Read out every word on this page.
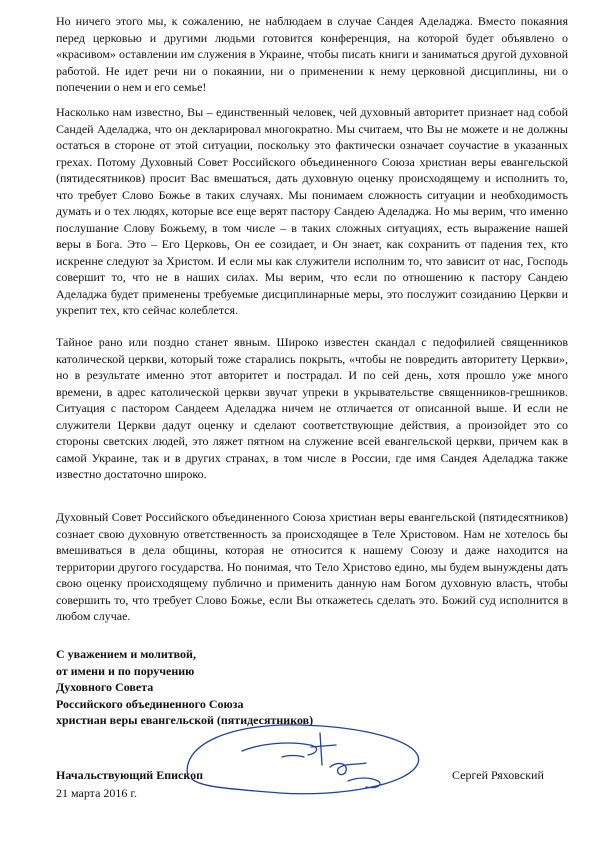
Но ничего этого мы, к сожалению, не наблюдаем в случае Сандея Аделаджа. Вместо покаяния перед церковью и другими людьми готовится конференция, на которой будет объявлено о «красивом» оставлении им служения в Украине, чтобы писать книги и заниматься другой духовной работой. Не идет речи ни о покаянии, ни о применении к нему церковной дисциплины, ни о попечении о нем и его семье!

Насколько нам известно, Вы – единственный человек, чей духовный авторитет признает над собой Сандей Аделаджа, что он декларировал многократно. Мы считаем, что Вы не можете и не должны остаться в стороне от этой ситуации, поскольку это фактически означает соучастие в указанных грехах. Потому Духовный Совет Российского объединенного Союза христиан веры евангельской (пятидесятников) просит Вас вмешаться, дать духовную оценку происходящему и исполнить то, что требует Слово Божье в таких случаях. Мы понимаем сложность ситуации и необходимость думать и о тех людях, которые все еще верят пастору Сандею Аделаджа. Но мы верим, что именно послушание Слову Божьему, в том числе – в таких сложных ситуациях, есть выражение нашей веры в Бога. Это – Его Церковь, Он ее созидает, и Он знает, как сохранить от падения тех, кто искренне следуют за Христом. И если мы как служители исполним то, что зависит от нас, Господь совершит то, что не в наших силах. Мы верим, что если по отношению к пастору Сандею Аделаджа будет применены требуемые дисциплинарные меры, это послужит созиданию Церкви и укрепит тех, кто сейчас колеблется.

Тайное рано или поздно станет явным. Широко известен скандал с педофилией священников католической церкви, который тоже старались покрыть, «чтобы не повредить авторитету Церкви», но в результате именно этот авторитет и пострадал. И по сей день, хотя прошло уже много времени, в адрес католической церкви звучат упреки в укрывательстве священников-грешников. Ситуация с пастором Сандеем Аделаджа ничем не отличается от описанной выше. И если не служители Церкви дадут оценку и сделают соответствующие действия, а произойдет это со стороны светских людей, это ляжет пятном на служение всей евангельской церкви, причем как в самой Украине, так и в других странах, в том числе в России, где имя Сандея Аделаджа также известно достаточно широко.

Духовный Совет Российского объединенного Союза христиан веры евангельской (пятидесятников) сознает свою духовную ответственность за происходящее в Теле Христовом. Нам не хотелось бы вмешиваться в дела общины, которая не относится к нашему Союзу и даже находится на территории другого государства. Но понимая, что Тело Христово едино, мы будем вынуждены дать свою оценку происходящему публично и применить данную нам Богом духовную власть, чтобы совершить то, что требует Слово Божье, если Вы откажетесь сделать это. Божий суд исполнится в любом случае.

С уважением и молитвой,
от имени и по поручению
Духовного Совета
Российского объединенного Союза
христиан веры евангельской (пятидесятников)
Начальствующий Епископ
21 марта 2016 г.
Сергей Ряховский
